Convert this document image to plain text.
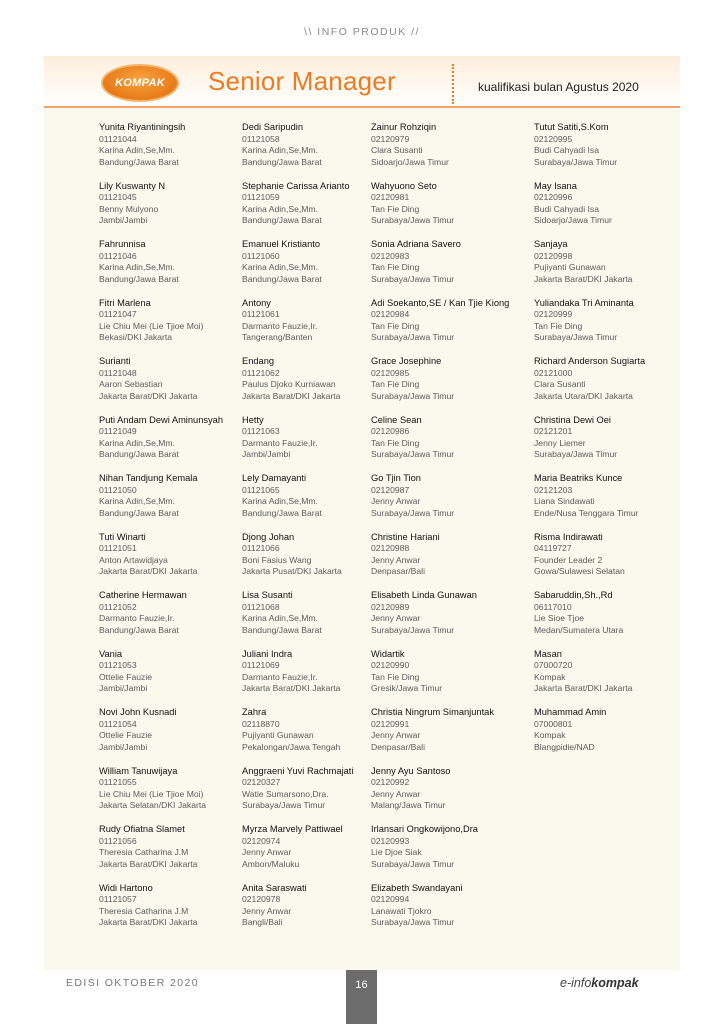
\\ INFO PRODUK //
KOMPAK Senior Manager	kualifikasi bulan Agustus 2020
Yunita Riyantiningsih
01121044
Karina Adin,Se,Mm.
Bandung/Jawa Barat
Lily Kuswanty N
01121045
Benny Mulyono
Jambi/Jambi
Fahrunnisa
01121046
Karina Adin,Se,Mm.
Bandung/Jawa Barat
Fitri Marlena
01121047
Lie Chiu Mei (Lie Tjioe Moi)
Bekasi/DKI Jakarta
Surianti
01121048
Aaron Sebastian
Jakarta Barat/DKI Jakarta
Puti Andam Dewi Aminunsyah
01121049
Karina Adin,Se,Mm.
Bandung/Jawa Barat
Nihan Tandjung Kemala
01121050
Karina Adin,Se,Mm.
Bandung/Jawa Barat
Tuti Winarti
01121051
Anton Artawidjaya
Jakarta Barat/DKI Jakarta
Catherine Hermawan
01121052
Darmanto Fauzie,Ir.
Bandung/Jawa Barat
Vania
01121053
Ottelie Fauzie
Jambi/Jambi
Novi John Kusnadi
01121054
Ottelie Fauzie
Jambi/Jambi
William Tanuwijaya
01121055
Lie Chiu Mei (Lie Tjioe Moi)
Jakarta Selatan/DKI Jakarta
Rudy Ofiatna Slamet
01121056
Theresia Catharina J.M
Jakarta Barat/DKI Jakarta
Widi Hartono
01121057
Theresia Catharina J.M
Jakarta Barat/DKI Jakarta
Dedi Saripudin
01121058
Karina Adin,Se,Mm.
Bandung/Jawa Barat
Stephanie Carissa Arianto
01121059
Karina Adin,Se,Mm.
Bandung/Jawa Barat
Emanuel Kristianto
01121060
Karina Adin,Se,Mm.
Bandung/Jawa Barat
Antony
01121061
Darmanto Fauzie,Ir.
Tangerang/Banten
Endang
01121062
Paulus Djoko Kurniawan
Jakarta Barat/DKI Jakarta
Hetty
01121063
Darmanto Fauzie,Ir.
Jambi/Jambi
Lely Damayanti
01121065
Karina Adin,Se,Mm.
Bandung/Jawa Barat
Djong Johan
01121066
Boni Fasius Wang
Jakarta Pusat/DKI Jakarta
Lisa Susanti
01121068
Karina Adin,Se,Mm.
Bandung/Jawa Barat
Juliani Indra
01121069
Darmanto Fauzie,Ir.
Jakarta Barat/DKI Jakarta
Zahra
02118870
Pujiyanti Gunawan
Pekalongan/Jawa Tengah
Anggraeni Yuvi Rachmajati
02120327
Watie Sumarsono,Dra.
Surabaya/Jawa Timur
Myrza Marvely Pattiwael
02120974
Jenny Anwar
Ambon/Maluku
Anita Saraswati
02120978
Jenny Anwar
Bangli/Bali
Zainur Rohziqin
02120979
Clara Susanti
Sidoarjo/Jawa Timur
Wahyuono Seto
02120981
Tan Fie Ding
Surabaya/Jawa Timur
Sonia Adriana Savero
02120983
Tan Fie Ding
Surabaya/Jawa Timur
Adi Soekanto,SE / Kan Tjie Kiong
02120984
Tan Fie Ding
Surabaya/Jawa Timur
Grace Josephine
02120985
Tan Fie Ding
Surabaya/Jawa Timur
Celine Sean
02120986
Tan Fie Ding
Surabaya/Jawa Timur
Go Tjin Tion
02120987
Jenny Anwar
Surabaya/Jawa Timur
Christine Hariani
02120988
Jenny Anwar
Denpasar/Bali
Elisabeth Linda Gunawan
02120989
Jenny Anwar
Surabaya/Jawa Timur
Widartik
02120990
Tan Fie Ding
Gresik/Jawa Timur
Christia Ningrum Simanjuntak
02120991
Jenny Anwar
Denpasar/Bali
Jenny Ayu Santoso
02120992
Jenny Anwar
Malang/Jawa Timur
Irlansari Ongkowijono,Dra
02120993
Lie Djoe Siak
Surabaya/Jawa Timur
Elizabeth Swandayani
02120994
Lanawati Tjokro
Surabaya/Jawa Timur
Tutut Satiti,S.Kom
02120995
Budi Cahyadi Isa
Surabaya/Jawa Timur
May Isana
02120996
Budi Cahyadi Isa
Sidoarjo/Jawa Timur
Sanjaya
02120998
Pujiyanti Gunawan
Jakarta Barat/DKI Jakarta
Yuliandaka Tri Aminanta
02120999
Tan Fie Ding
Surabaya/Jawa Timur
Richard Anderson Sugiarta
02121000
Clara Susanti
Jakarta Utara/DKI Jakarta
Christina Dewi Oei
02121201
Jenny Liemer
Surabaya/Jawa Timur
Maria Beatriks Kunce
02121203
Liana Sindawati
Ende/Nusa Tenggara Timur
Risma Indirawati
04119727
Founder Leader 2
Gowa/Sulawesi Selatan
Sabaruddin,Sh.,Rd
06117010
Lie Sioe Tjoe
Medan/Sumatera Utara
Masan
07000720
Kompak
Jakarta Barat/DKI Jakarta
Muhammad Amin
07000801
Kompak
Blangpidie/NAD
EDISI OKTOBER 2020	16	e-infokompak
